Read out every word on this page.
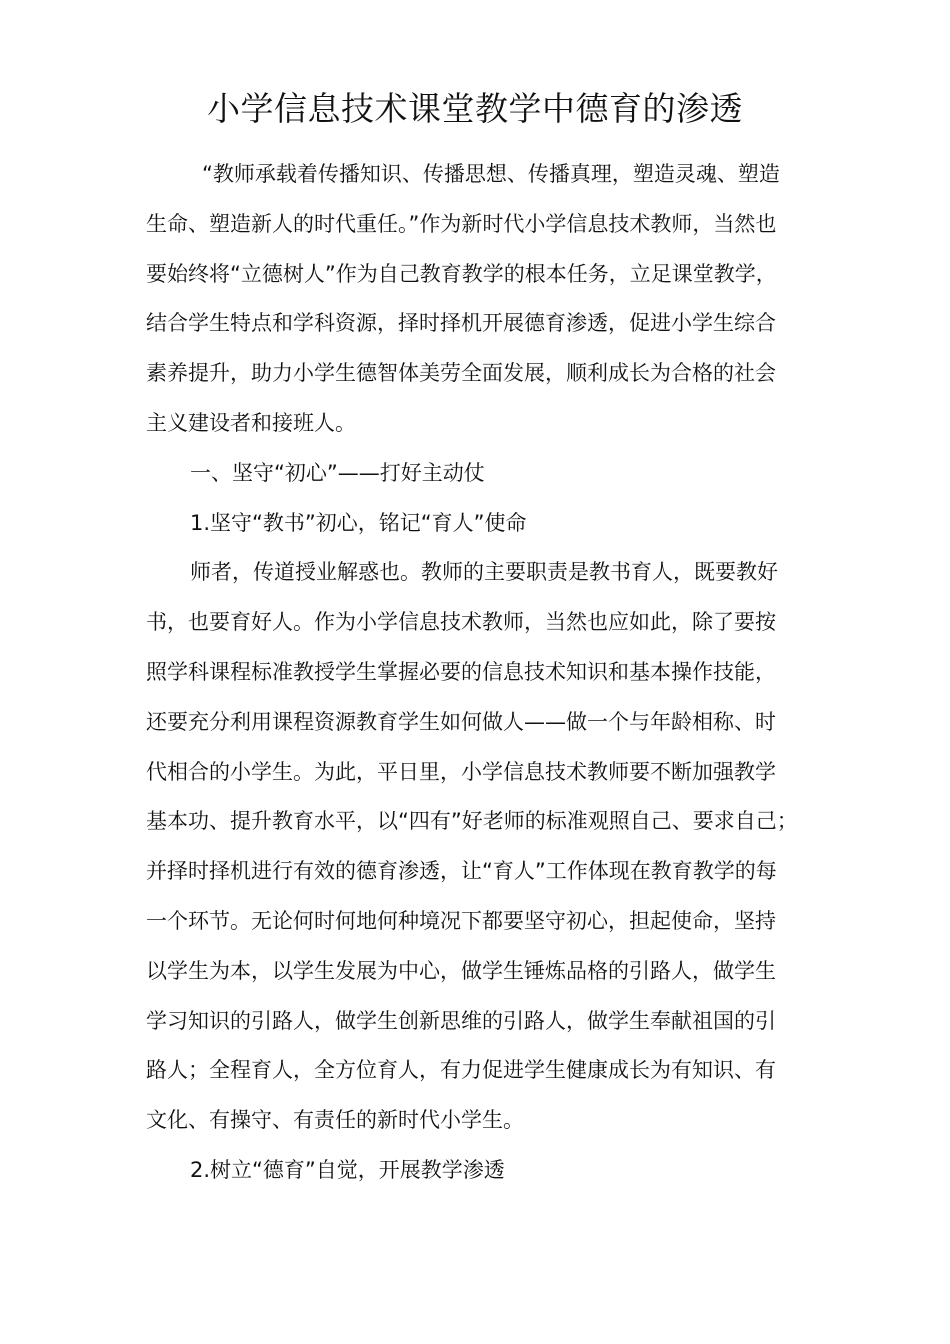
小学信息技术课堂教学中德育的渗透
“教师承载着传播知识、传播思想、传播真理，塑造灵魂、塑造
生命、塑造新人的时代重任。”作为新时代小学信息技术教师，当然也
要始终将“立德树人”作为自己教育教学的根本任务，立足课堂教学，
结合学生特点和学科资源，择时择机开展德育渗透，促进小学生综合
素养提升，助力小学生德智体美劳全面发展，顺利成长为合格的社会
主义建设者和接班人。
一、坚守“初心”——打好主动仗
1.坚守“教书”初心，铭记“育人”使命
师者，传道授业解惑也。教师的主要职责是教书育人，既要教好
书，也要育好人。作为小学信息技术教师，当然也应如此，除了要按
照学科课程标准教授学生掌握必要的信息技术知识和基本操作技能，
还要充分利用课程资源教育学生如何做人——做一个与年龄相称、时
代相合的小学生。为此，平日里，小学信息技术教师要不断加强教学
基本功、提升教育水平，以“四有”好老师的标准观照自己、要求自己；
并择时择机进行有效的德育渗透，让“育人”工作体现在教育教学的每
一个环节。无论何时何地何种境况下都要坚守初心，担起使命，坚持
以学生为本，以学生发展为中心，做学生锤炼品格的引路人，做学生
学习知识的引路人，做学生创新思维的引路人，做学生奉献祖国的引
路人；全程育人，全方位育人，有力促进学生健康成长为有知识、有
文化、有操守、有责任的新时代小学生。
2.树立“德育”自觉，开展教学渗透
